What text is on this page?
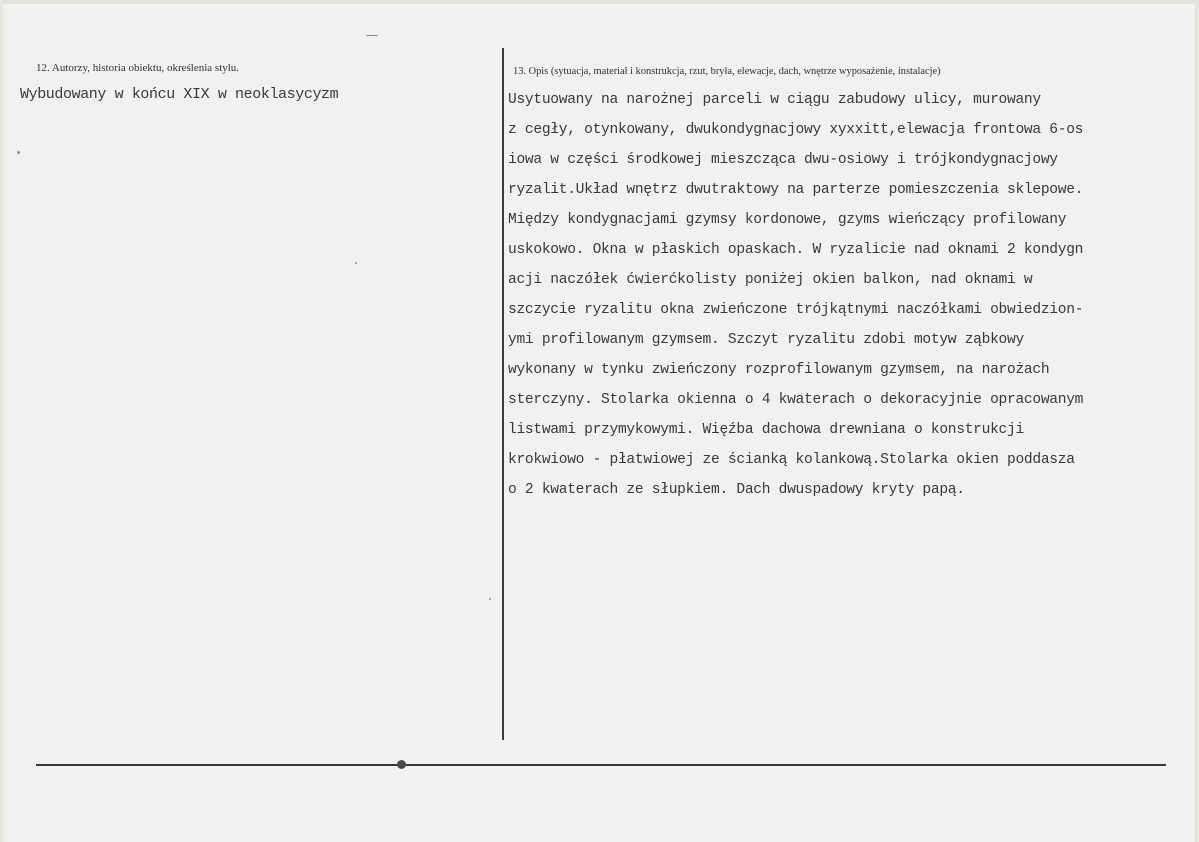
12. Autorzy, historia obiektu, określenia stylu.
Wybudowany w końcu XIX w neoklasycyzm
13. Opis (sytuacja, materiał i konstrukcja, rzut, bryła, elewacje, dach, wnętrze wyposażenie, instalacje)
Usytuowany na narożnej parceli w ciągu zabudowy ulicy, murowany
z cegły, otynkowany, dwukondygnacjowy xyxxitt,elewacja frontowa 6-os
iowa w części środkowej mieszcząca dwu-osiowy i trójkondygnacjowy
ryzalit.Układ wnętrz dwutraktowy na parterze pomieszczenia sklepowe.
Między kondygnacjami gzymsy kordonowe, gzyms wieńczący profilowany
uskokowo. Okna w płaskich opaskach. W ryzalicie nad oknami 2 kondygn
acji naczółek ćwierćkolisty poniżej okien balkon, nad oknami w
szczycie ryzalitu okna zwieńczone trójkątnymi naczółkami obwiedzion-
ymi profilowanym gzymsem. Szczyt ryzalitu zdobi motyw ząbkowy
wykonany w tynku zwieńczony rozprofilowanym gzymsem, na narożach
sterczyny. Stolarka okienna o 4 kwaterach o dekoracyjnie opracowanym
listwami przymykowymi. Więźba dachowa drewniana o konstrukcji
krokwiowo - płatwiowej ze ścianką kolankową.Stolarka okien poddasza
o 2 kwaterach ze słupkiem. Dach dwuspadowy kryty papą.
